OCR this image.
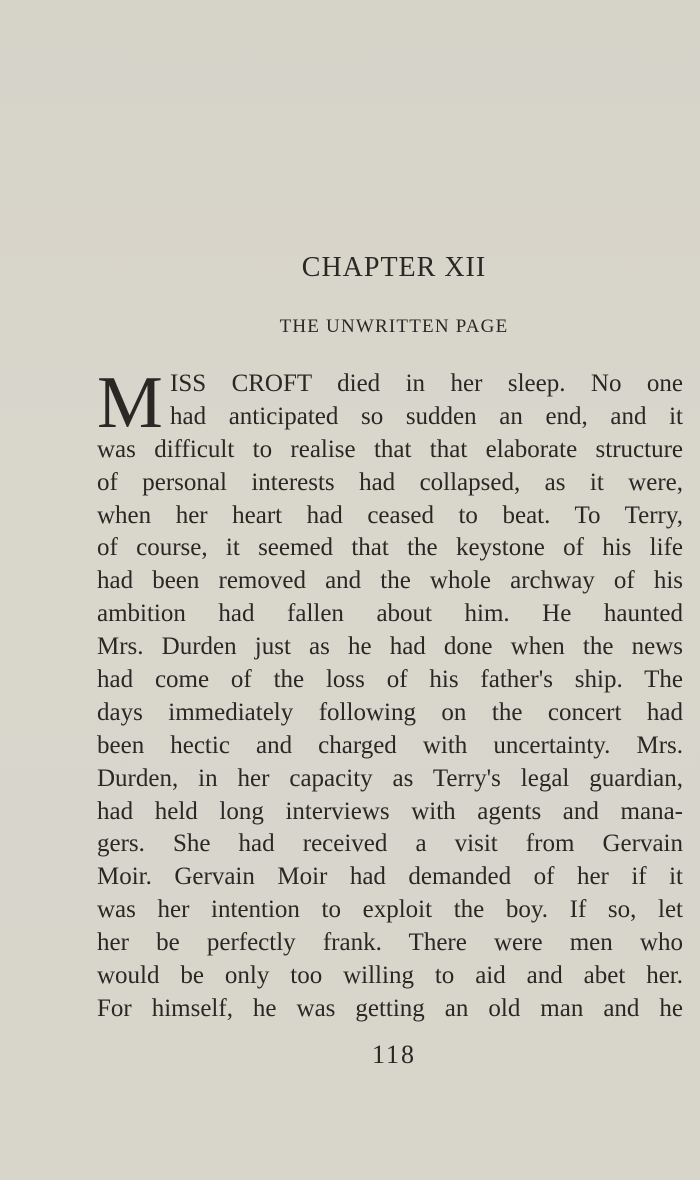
CHAPTER XII
THE UNWRITTEN PAGE
M ISS CROFT died in her sleep. No one
had anticipated so sudden an end, and it
was difficult to realise that that elaborate structure
of personal interests had collapsed, as it were,
when her heart had ceased to beat. To Terry,
of course, it seemed that the keystone of his life
had been removed and the whole archway of his
ambition had fallen about him. He haunted
Mrs. Durden just as he had done when the news
had come of the loss of his father's ship. The
days immediately following on the concert had
been hectic and charged with uncertainty. Mrs.
Durden, in her capacity as Terry's legal guardian,
had held long interviews with agents and mana-
gers. She had received a visit from Gervain
Moir. Gervain Moir had demanded of her if it
was her intention to exploit the boy. If so, let
her be perfectly frank. There were men who
would be only too willing to aid and abet her.
For himself, he was getting an old man and he
118
